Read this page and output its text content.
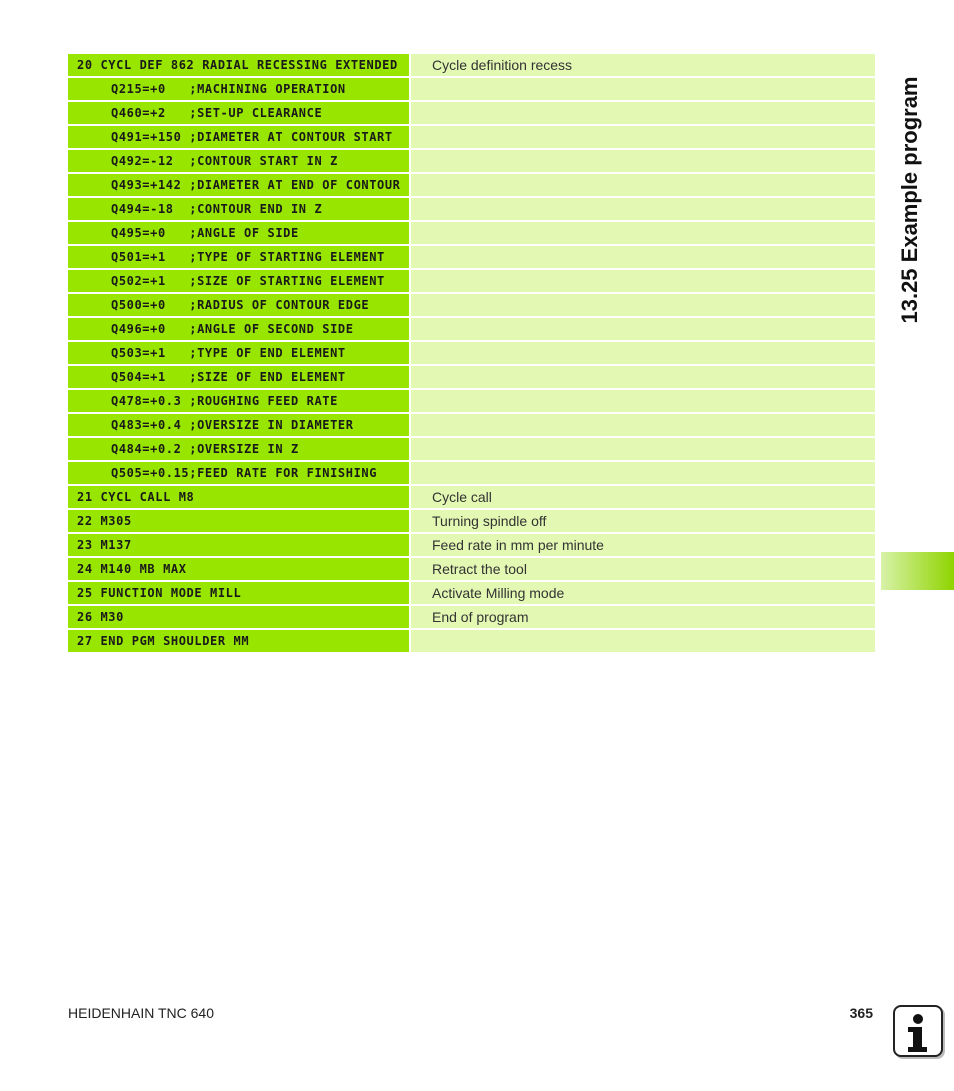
13.25 Example program
20 CYCL DEF 862 RADIAL RECESSING EXTENDED	Cycle definition recess
Q215=+0   ;MACHINING OPERATION
Q460=+2   ;SET-UP CLEARANCE
Q491=+150 ;DIAMETER AT CONTOUR START
Q492=-12  ;CONTOUR START IN Z
Q493=+142 ;DIAMETER AT END OF CONTOUR
Q494=-18  ;CONTOUR END IN Z
Q495=+0   ;ANGLE OF SIDE
Q501=+1   ;TYPE OF STARTING ELEMENT
Q502=+1   ;SIZE OF STARTING ELEMENT
Q500=+0   ;RADIUS OF CONTOUR EDGE
Q496=+0   ;ANGLE OF SECOND SIDE
Q503=+1   ;TYPE OF END ELEMENT
Q504=+1   ;SIZE OF END ELEMENT
Q478=+0.3 ;ROUGHING FEED RATE
Q483=+0.4 ;OVERSIZE IN DIAMETER
Q484=+0.2 ;OVERSIZE IN Z
Q505=+0.15;FEED RATE FOR FINISHING
21 CYCL CALL M8	Cycle call
22 M305	Turning spindle off
23 M137	Feed rate in mm per minute
24 M140 MB MAX	Retract the tool
25 FUNCTION MODE MILL	Activate Milling mode
26 M30	End of program
27 END PGM SHOULDER MM
HEIDENHAIN TNC 640	365
